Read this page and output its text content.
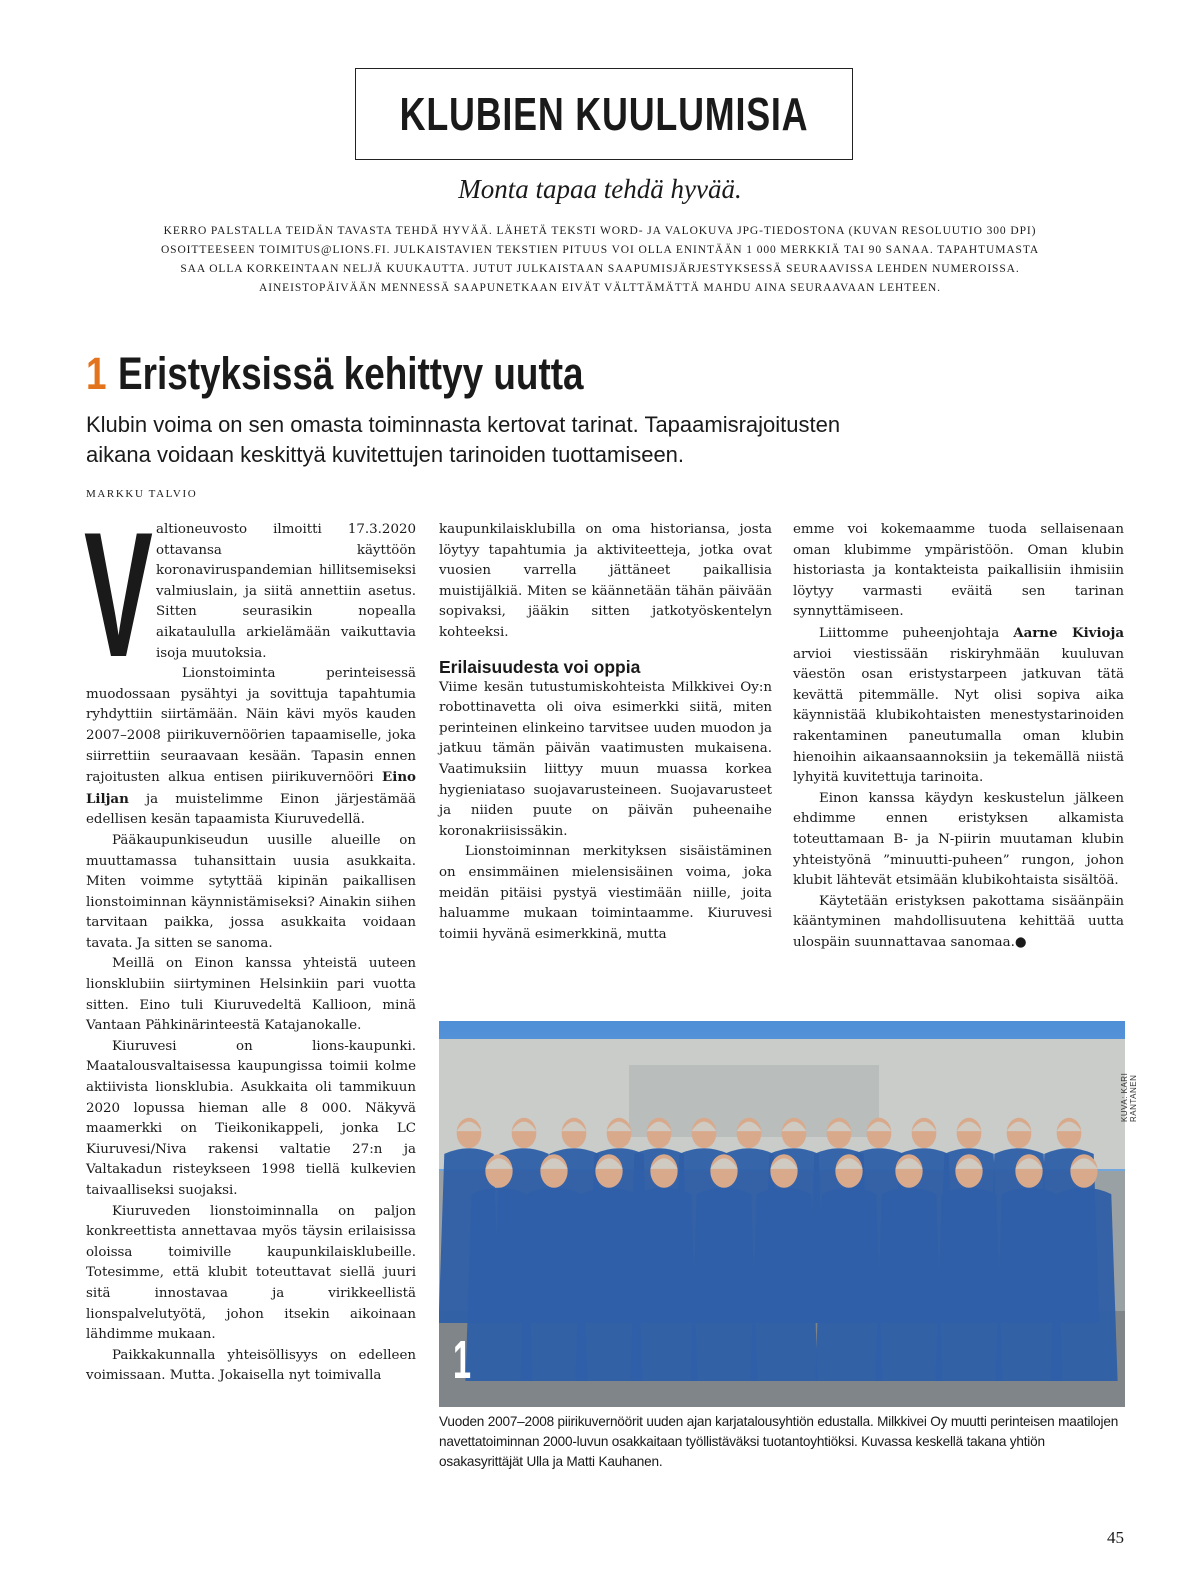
KLUBIEN KUULUMISIA
Monta tapaa tehdä hyvää.
KERRO PALSTALLA TEIDÄN TAVASTA TEHDÄ HYVÄÄ. LÄHETÄ TEKSTI WORD- JA VALOKUVA JPG-TIEDOSTONA (KUVAN RESOLUUTIO 300 DPI)
OSOITTEESEEN TOIMITUS@LIONS.FI. JULKAISTAVIEN TEKSTIEN PITUUS VOI OLLA ENINTÄÄN 1 000 MERKKIÄ TAI 90 SANAA. TAPAHTUMASTA
SAA OLLA KORKEINTAAN NELJÄ KUUKAUTTA. JUTUT JULKAISTAAN SAAPUMISJÄRJESTYKSESSÄ SEURAAVISSA LEHDEN NUMEROISSA.
AINEISTOPÄIVÄÄN MENNESSÄ SAAPUNETKAAN EIVÄT VÄLTTÄMÄTTÄ MAHDU AINA SEURAAVAAN LEHTEEN.
1 Eristyksissä kehittyy uutta
Klubin voima on sen omasta toiminnasta kertovat tarinat. Tapaamisrajoitusten aikana voidaan keskittyä kuvitettujen tarinoiden tuottamiseen.
MARKKU TALVIO
V altioneuvosto ilmoitti 17.3.2020 ottavansa käyttöön koronaviruspandemian hillitsemiseksi valmiuslain, ja siitä annettiin asetus. Sitten seurasikin nopealla aikataululla arkielämään vaikuttavia isoja muutoksia.

Lionstoiminta perinteisessä muodossaan pysähtyi ja sovittuja tapahtumia ryhdyttiin siirtämään. Näin kävi myös kauden 2007–2008 piirikuvernöörien tapaamiselle, joka siirrettiin seuraavaan kesään. Tapasin ennen rajoitusten alkua entisen piirikuvernööri Eino Liljan ja muistelimme Einon järjestämää edellisen kesän tapaamista Kiuruvedellä.

Pääkaupunkiseudun uusille alueille on muuttamassa tuhansittain uusia asukkaita. Miten voimme sytyttää kipinän paikallisen lionstoiminnan käynnistämiseksi? Ainakin siihen tarvitaan paikka, jossa asukkaita voidaan tavata. Ja sitten se sanoma.

Meillä on Einon kanssa yhteistä uuteen lionsklubiin siirtyminen Helsinkiin pari vuotta sitten. Eino tuli Kiuruvedeltä Kallioon, minä Vantaan Pähkinärinteestä Katajanokalle.

Kiuruvesi on lions-kaupunki. Maatalousvaltaisessa kaupungissa toimii kolme aktiivista lionsklubia. Asukkaita oli tammikuun 2020 lopussa hieman alle 8 000. Näkyvä maamerkki on Tieikonikappeli, jonka LC Kiuruvesi/Niva rakensi valtatie 27:n ja Valtakadun risteykseen 1998 tiellä kulkevien taivaalliseksi suojaksi.

Kiuruveden lionstoiminnalla on paljon konkreettista annettavaa myös täysin erilaisissa oloissa toimiville kaupunkilaisklubeille. Totesimme, että klubit toteuttavat siellä juuri sitä innostavaa ja virikkeellistä lionspalvelutyötä, johon itsekin aikoinaan lähdimme mukaan.

Paikkakunnalla yhteisöllisyys on edelleen voimissaan. Mutta. Jokaisella nyt toimivalla

kaupunkilaisklubilla on oma historiansa, josta löytyy tapahtumia ja aktiviteetteja, jotka ovat vuosien varrella jättäneet paikallisia muistijälkiä. Miten se käännetään tähän päivään sopivaksi, jääkin sitten jatkotyöskentelyn kohteeksi.

Erilaisuudesta voi oppia

Viime kesän tutustumiskohteista Milkkivei Oy:n robottinavetta oli oiva esimerkki siitä, miten perinteinen elinkeino tarvitsee uuden muodon ja jatkuu tämän päivän vaatimusten mukaisena. Vaatimuksiin liittyy muun muassa korkea hygieniataso suojavarusteineen. Suojavarusteet ja niiden puute on päivän puheenaihe koronakriisissäkin.

Lionstoiminnan merkityksen sisäistäminen on ensimmäinen mielensisäinen voima, joka meidän pitäisi pystyä viestimään niille, joita haluamme mukaan toimintaamme. Kiuruvesi toimii hyvänä esimerkkinä, mutta

emme voi kokemaamme tuoda sellaisenaan oman klubimme ympäristöön. Oman klubin historiasta ja kontakteista paikallisiin ihmisiin löytyy varmasti eväitä sen tarinan synnyttämiseen.

Liittomme puheenjohtaja Aarne Kivioja arvioi viestissään riskiryhmään kuuluvan väestön osan eristystarpeen jatkuvan tätä kevättä pitemmälle. Nyt olisi sopiva aika käynnistää klubikohtaisten menestystarinoiden rakentaminen paneutumalla oman klubin hienoihin aikaansaannoksiin ja tekemällä niistä lyhyitä kuvitettuja tarinoita.

Einon kanssa käydyn keskustelun jälkeen ehdimme ennen eristyksen alkamista toteuttamaan B- ja N-piirin muutaman klubin yhteistyönä ”minuutti-puheen” rungon, johon klubit lähtevät etsimään klubikohtaista sisältöä.

Käytetään eristyksen pakottama sisäänpäin kääntyminen mahdollisuutena kehittää uutta ulospäin suunnattavaa sanomaa.●

1
KUVA: KARI RANTANEN
Vuoden 2007–2008 piirikuvernöörit uuden ajan karjatalousyhtiön edustalla. Milkkivei Oy muutti perinteisen maatilojen navettatoiminnan 2000-luvun osakkaitaan työllistäväksi tuotantoyhtiöksi. Kuvassa keskellä takana yhtiön osakasyrittäjät Ulla ja Matti Kauhanen.
45
